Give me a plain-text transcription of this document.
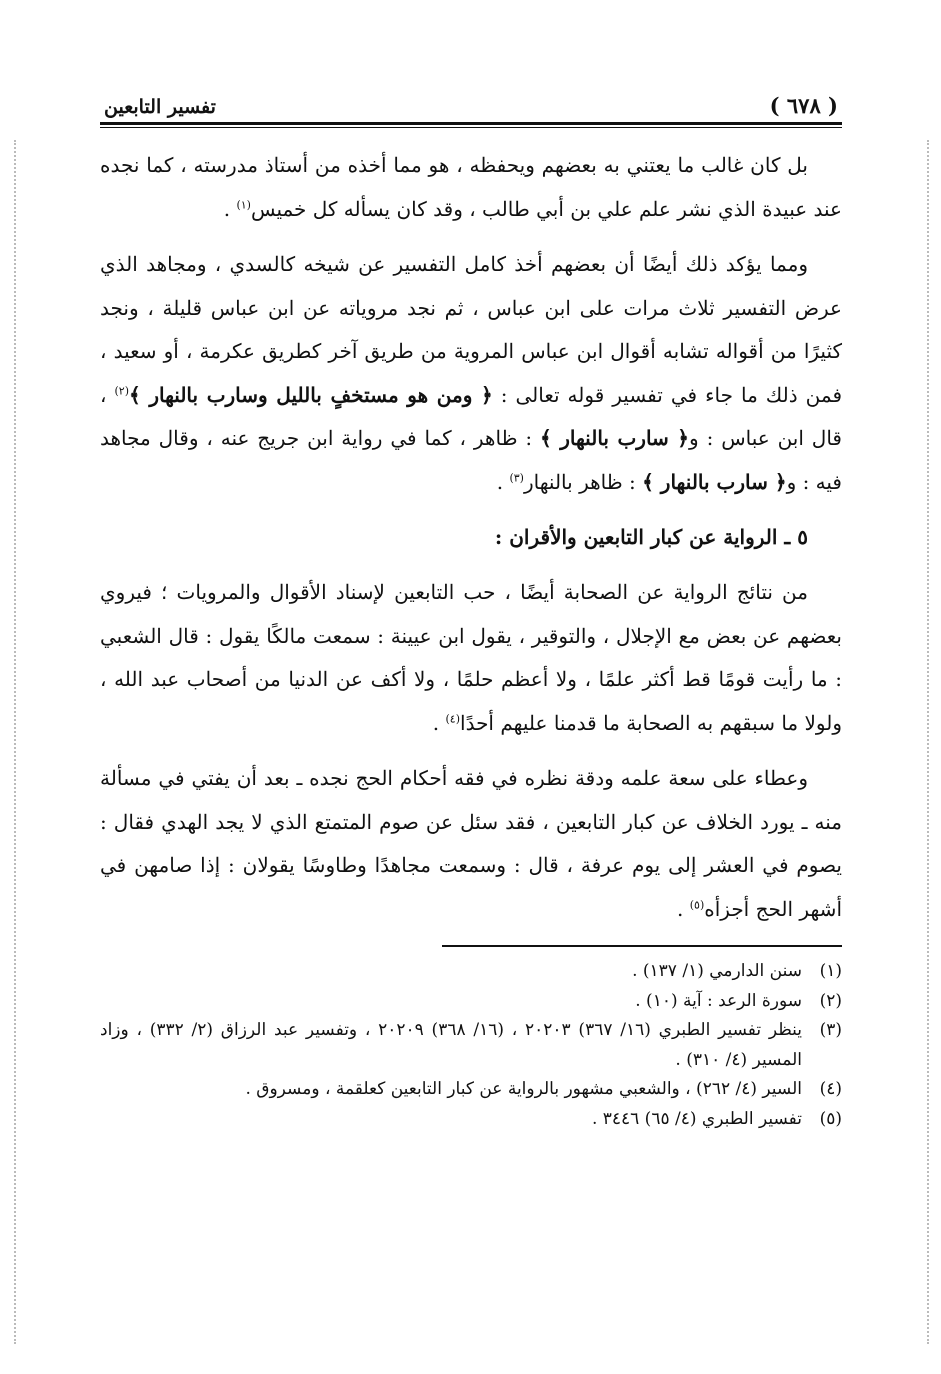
( ٦٧٨ )
تفسير التابعين

بل كان غالب ما يعتني به بعضهم ويحفظه ، هو مما أخذه من أستاذ مدرسته ، كما نجده عند عبيدة الذي نشر علم علي بن أبي طالب ، وقد كان يسأله كل خميس$^{(١)}$ .

ومما يؤكد ذلك أيضًا أن بعضهم أخذ كامل التفسير عن شيخه كالسدي ، ومجاهد الذي عرض التفسير ثلاث مرات على ابن عباس ، ثم نجد مروياته عن ابن عباس قليلة ، ونجد كثيرًا من أقواله تشابه أقوال ابن عباس المروية من طريق آخر كطريق عكرمة ، أو سعيد ، فمن ذلك ما جاء في تفسير قوله تعالى : ﴿ ومن هو مستخفٍ بالليل وسارب بالنهار ﴾$^{(٢)}$ ، قال ابن عباس : و﴿ سارب بالنهار ﴾ : ظاهر ، كما في رواية ابن جريج عنه ، وقال مجاهد فيه : و﴿ سارب بالنهار ﴾ : ظاهر بالنهار$^{(٣)}$ .

٥ ـ الرواية عن كبار التابعين والأقران :

من نتائج الرواية عن الصحابة أيضًا ، حب التابعين لإسناد الأقوال والمرويات ؛ فيروي بعضهم عن بعض مع الإجلال ، والتوقير ، يقول ابن عيينة : سمعت مالكًا يقول : قال الشعبي : ما رأيت قومًا قط أكثر علمًا ، ولا أعظم حلمًا ، ولا أكف عن الدنيا من أصحاب عبد الله ، ولولا ما سبقهم به الصحابة ما قدمنا عليهم أحدًا$^{(٤)}$ .

وعطاء على سعة علمه ودقة نظره في فقه أحكام الحج نجده ـ بعد أن يفتي في مسألة منه ـ يورد الخلاف عن كبار التابعين ، فقد سئل عن صوم المتمتع الذي لا يجد الهدي فقال : يصوم في العشر إلى يوم عرفة ، قال : وسمعت مجاهدًا وطاوسًا يقولان : إذا صامهن في أشهر الحج أجزأه$^{(٥)}$ .

(١)
سنن الدارمي (١/ ١٣٧) .
(٢)
سورة الرعد : آية (١٠) .
(٣)
ينظر تفسير الطبري (١٦/ ٣٦٧) ٢٠٢٠٣ ، (١٦/ ٣٦٨) ٢٠٢٠٩ ، وتفسير عبد الرزاق (٢/ ٣٣٢) ، وزاد المسير (٤/ ٣١٠) .
(٤)
السير (٤/ ٢٦٢) ، والشعبي مشهور بالرواية عن كبار التابعين كعلقمة ، ومسروق .
(٥)
تفسير الطبري (٤/ ٦٥) ٣٤٤٦ .
